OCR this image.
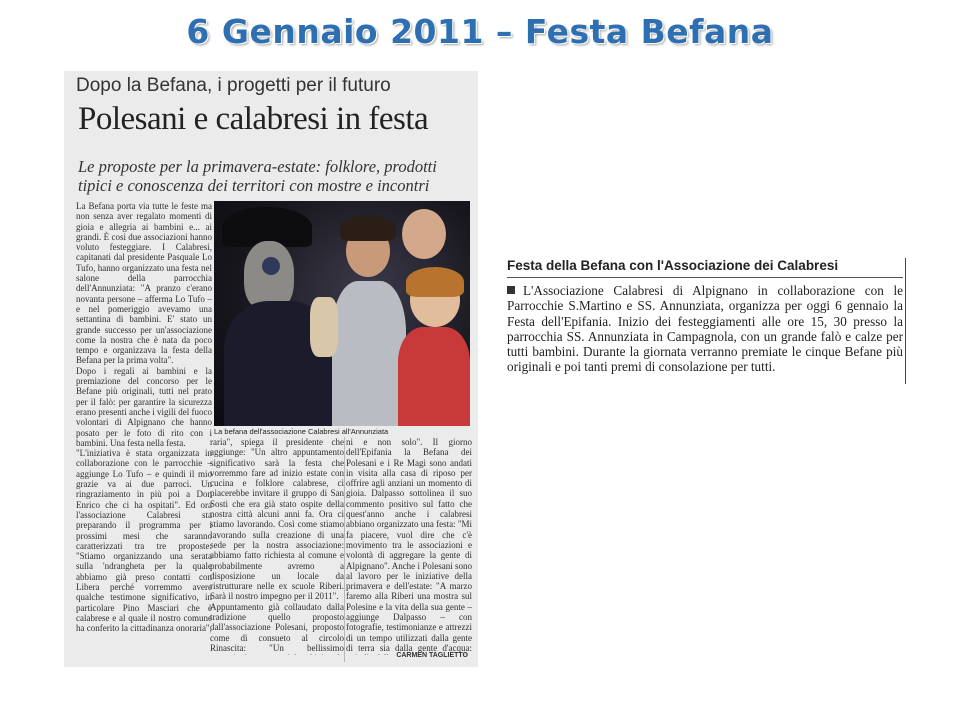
6 Gennaio 2011 – Festa Befana
Dopo la Befana, i progetti per il futuro
Polesani e calabresi in festa
Le proposte per la primavera-estate: folklore, prodotti tipici e conoscenza dei territori con mostre e incontri
La Befana porta via tutte le feste ma non senza aver regalato momenti di gioia e allegria ai bambini e... ai grandi. È così due associazioni hanno voluto festeggiare. I Calabresi, capitanati dal presidente Pasquale Lo Tufo, hanno organizzato una festa nel salone della parrocchia dell'Annunziata: "A pranzo c'erano novanta persone – afferma Lo Tufo – e nel pomeriggio avevamo una settantina di bambini. E' stato un grande successo per un'associazione come la nostra che è nata da poco tempo e organizzava la festa della Befana per la prima volta".
Dopo i regali ai bambini e la premiazione del concorso per le Befane più originali, tutti nel prato per il falò: per garantire la sicurezza erano presenti anche i vigili del fuoco volontari di Alpignano che hanno posato per le foto di rito con i bambini. Una festa nella festa.
"L'iniziativa è stata organizzata in collaborazione con le parrocchie – aggiunge Lo Tufo – e quindi il mio grazie va ai due parroci. Un ringraziamento in più poi a Don Enrico che ci ha ospitati". Ed ora l'associazione Calabresi sta preparando il programma per i prossimi mesi che saranno caratterizzati tra tre proposte: "Stiamo organizzando una serata sulla 'ndrangheta per la quale abbiamo già preso contatti con Libera perché vorremmo avere qualche testimone significativo, in particolare Pino Masciari che è calabrese e al quale il nostro comune ha conferito la cittadinanza onoraria",
La befana dell'associazione Calabresi all'Annunziata
raria", spiega il presidente che aggiunge: "Un altro appuntamento significativo sarà la festa che vorremmo fare ad inizio estate con cucina e folklore calabrese, ci piacerebbe invitare il gruppo di San Sosti che era già stato ospite della nostra città alcuni anni fa. Ora ci stiamo lavorando. Così come stiamo lavorando sulla creazione di una sede per la nostra associazione: abbiamo fatto richiesta al comune e probabilmente avremo a disposizione un locale da ristrutturare nelle ex scuole Riberi. Sarà il nostro impegno per il 2011".
Appuntamento già collaudato dalla tradizione quello proposto dall'associazione Polesani, proposto come di consueto al circolo Rinascita: "Un bellissimo
ni e non solo". Il giorno dell'Epifania la Befana dei Polesani e i Re Magi sono andati in visita alla casa di riposo per offrire agli anziani un momento di gioia. Dalpasso sottolinea il suo commento positivo sul fatto che quest'anno anche i calabresi abbiano organizzato una festa: "Mi fa piacere, vuol dire che c'è movimento tra le associazioni e volontà di aggregare la gente di Alpignano". Anche i Polesani sono al lavoro per le iniziative della primavera e dell'estate: "A marzo faremo alla Riberi una mostra sul Polesine e la vita della sua gente – aggiunge Dalpasso – con fotografie, testimonianze e attrezzi di un tempo utilizzati dalla gente di terra sia dalla gente d'acqua:
CARMEN TAGLIETTO
Festa della Befana con l'Associazione dei Calabresi
L'Associazione Calabresi di Alpignano in collaborazione con le Parrocchie S.Martino e SS. Annunziata, organizza per oggi 6 gennaio la Festa dell'Epifania. Inizio dei festeggiamenti alle ore 15, 30 presso la parrocchia SS. Annunziata in Campagnola, con un grande falò e calze per tutti bambini. Durante la giornata verranno premiate le cinque Befane più originali e poi tanti premi di consolazione per tutti.
